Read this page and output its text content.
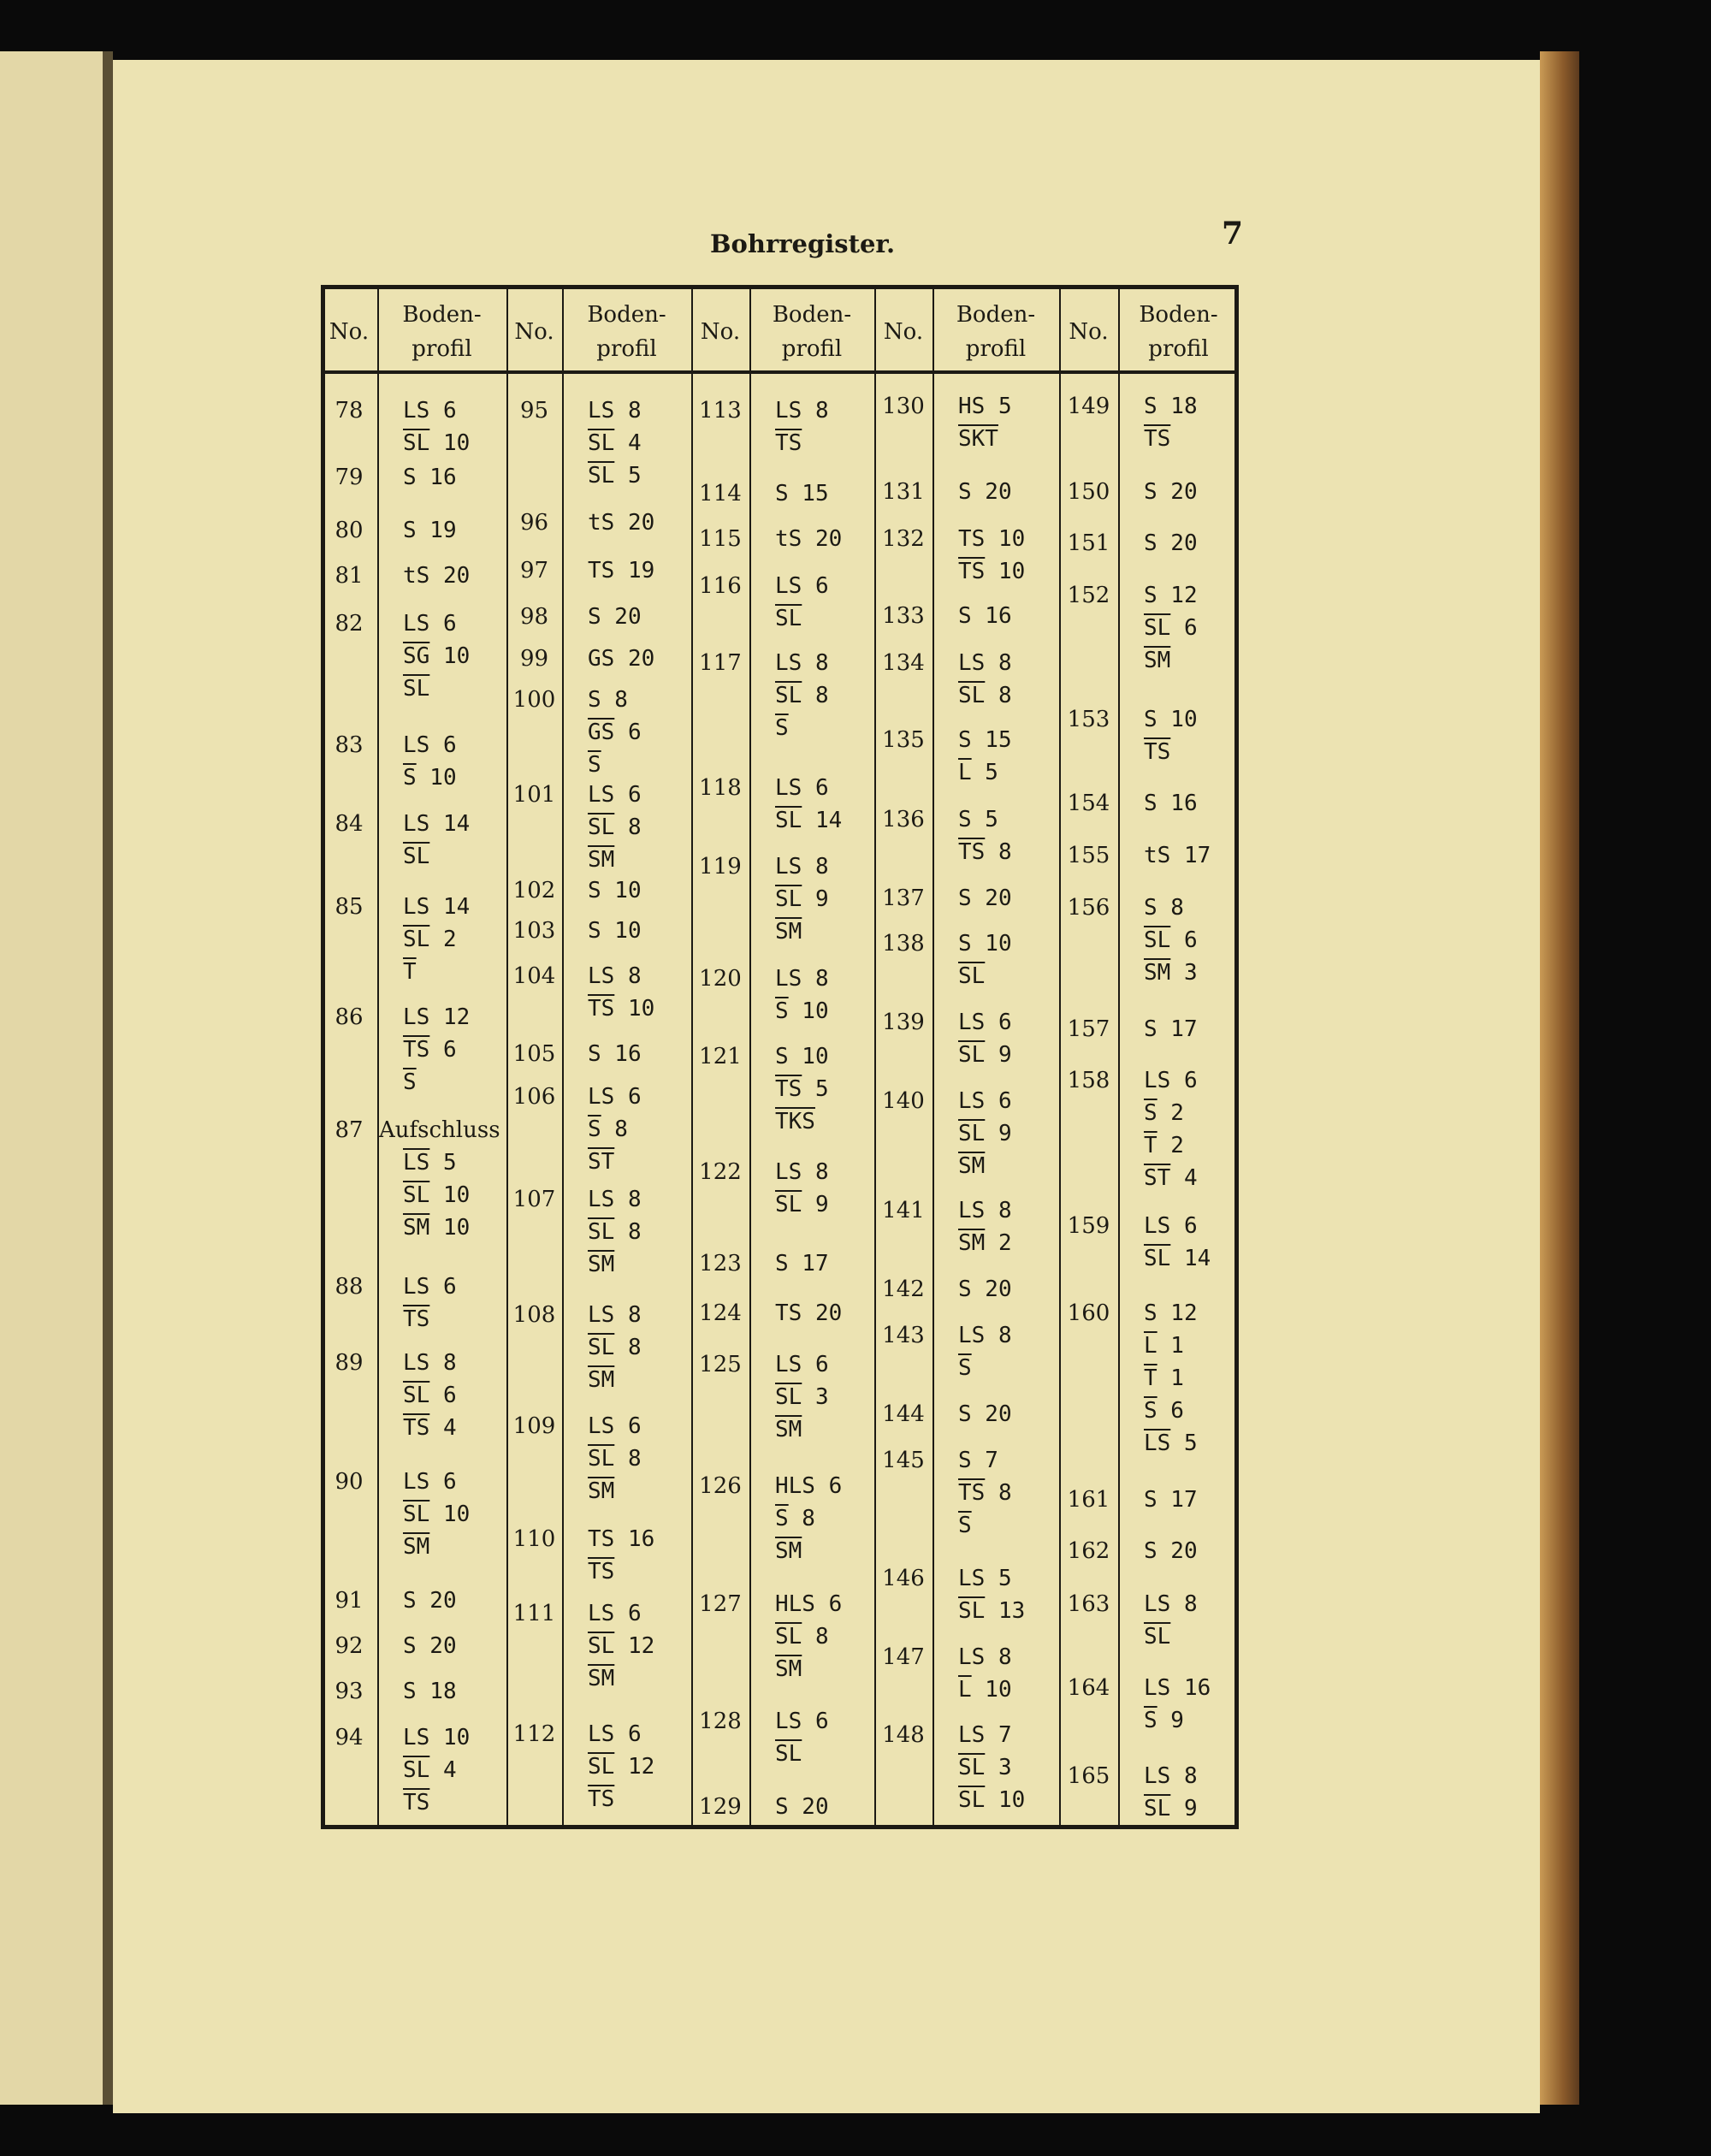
Bohrregister.	7
No.
Boden-
profil
No.
Boden-
profil
No.
Boden-
profil
No.
Boden-
profil
No.
Boden-
profil
78	LS 6
$\overline{SL}$ 10
79	S 16
80	S 19
81	tS 20
82	LS 6
$\overline{SG}$ 10
$\overline{SL}$
83	LS 6
$\overline{S}$ 10
84	LS 14
$\overline{SL}$
85	LS 14
$\overline{SL}$ 2
$\overline{T}$
86	LS 12
$\overline{TS}$ 6
$\overline{S}$
87 Aufschluss
$\overline{LS}$ 5
$\overline{SL}$ 10
$\overline{SM}$ 10
88	LS 6
$\overline{TS}$
89	LS 8
$\overline{SL}$ 6
$\overline{TS}$ 4
90	LS 6
$\overline{SL}$ 10
$\overline{SM}$
91	S 20
92	S 20
93	S 18
94	LS 10
$\overline{SL}$ 4
$\overline{TS}$
95	LS 8
$\overline{SL}$ 4
$\overline{SL}$ 5
96	tS 20
97	TS 19
98	S 20
99	GS 20
100	S 8
$\overline{GS}$ 6
$\overline{S}$
101	LS 6
$\overline{SL}$ 8
$\overline{SM}$
102	S 10
103	S 10
104	LS 8
$\overline{TS}$ 10
105	S 16
106	LS 6
$\overline{S}$ 8
$\overline{ST}$
107	LS 8
$\overline{SL}$ 8
$\overline{SM}$
108	LS 8
$\overline{SL}$ 8
$\overline{SM}$
109	LS 6
$\overline{SL}$ 8
$\overline{SM}$
110	TS 16
$\overline{TS}$
111	LS 6
$\overline{SL}$ 12
$\overline{SM}$
112	LS 6
$\overline{SL}$ 12
$\overline{TS}$
113	LS 8
$\overline{TS}$
114	S 15
115	tS 20
116	LS 6
$\overline{SL}$
117	LS 8
$\overline{SL}$ 8
$\overline{S}$
118	LS 6
$\overline{SL}$ 14
119	LS 8
$\overline{SL}$ 9
$\overline{SM}$
120	LS 8
$\overline{S}$ 10
121	S 10
$\overline{TS}$ 5
$\overline{TKS}$
122	LS 8
$\overline{SL}$ 9
123	S 17
124	TS 20
125	LS 6
$\overline{SL}$ 3
$\overline{SM}$
126	HLS 6
$\overline{S}$ 8
$\overline{SM}$
127	HLS 6
$\overline{SL}$ 8
$\overline{SM}$
128	LS 6
$\overline{SL}$
129	S 20
130	HS 5
$\overline{SKT}$
131	S 20
132	TS 10
$\overline{TS}$ 10
133	S 16
134	LS 8
$\overline{SL}$ 8
135	S 15
$\overline{L}$ 5
136	S 5
$\overline{TS}$ 8
137	S 20
138	S 10
$\overline{SL}$
139	LS 6
$\overline{SL}$ 9
140	LS 6
$\overline{SL}$ 9
$\overline{SM}$
141	LS 8
$\overline{SM}$ 2
142	S 20
143	LS 8
$\overline{S}$
144	S 20
145	S 7
$\overline{TS}$ 8
$\overline{S}$
146	LS 5
$\overline{SL}$ 13
147	LS 8
$\overline{L}$ 10
148	LS 7
$\overline{SL}$ 3
$\overline{SL}$ 10
149	S 18
$\overline{TS}$
150	S 20
151	S 20
152	S 12
$\overline{SL}$ 6
$\overline{SM}$
153	S 10
$\overline{TS}$
154	S 16
155	tS 17
156	S 8
$\overline{SL}$ 6
$\overline{SM}$ 3
157	S 17
158	LS 6
$\overline{S}$ 2
$\overline{T}$ 2
$\overline{ST}$ 4
159	LS 6
$\overline{SL}$ 14
160	S 12
$\overline{L}$ 1
$\overline{T}$ 1
$\overline{S}$ 6
$\overline{LS}$ 5
161	S 17
162	S 20
163	LS 8
$\overline{SL}$
164	LS 16
$\overline{S}$ 9
165	LS 8
$\overline{SL}$ 9
